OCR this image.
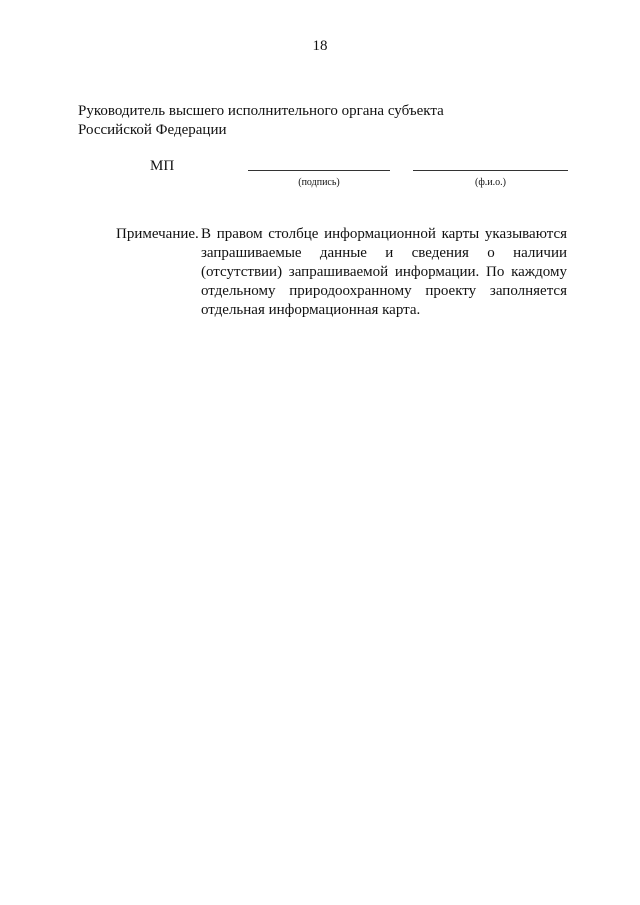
18
Руководитель высшего исполнительного органа субъекта
Российской Федерации
МП
(подпись)	(ф.и.о.)
Примечание. В правом столбце информационной карты указываются запрашиваемые данные и сведения о наличии (отсутствии) запрашиваемой информации. По каждому отдельному природоохранному проекту заполняется отдельная информационная карта.
